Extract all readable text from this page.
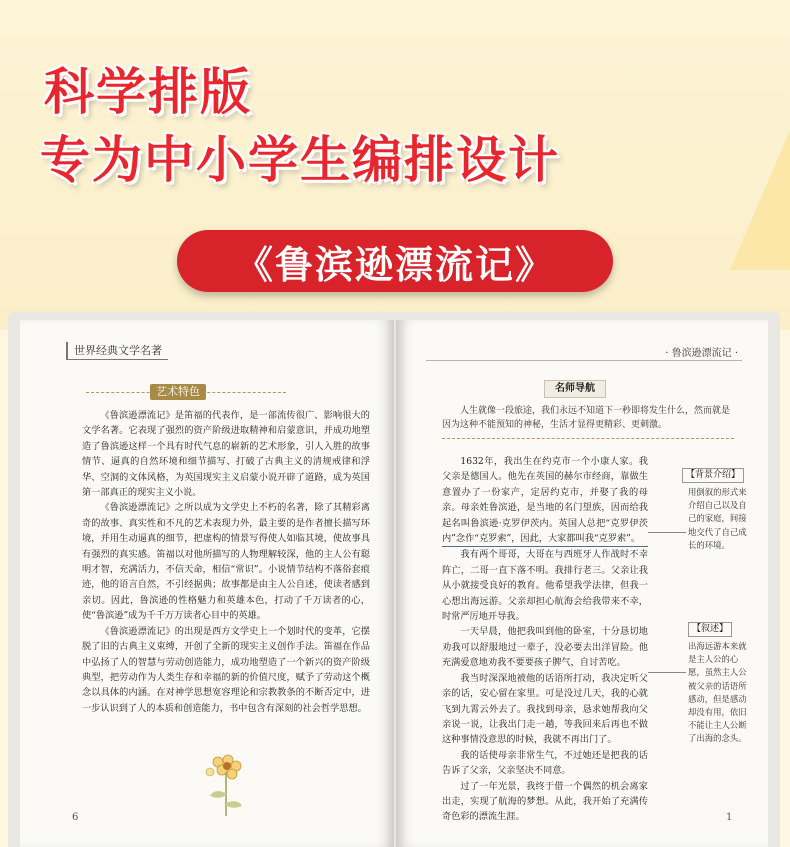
科学排版
专为中小学生编排设计
《鲁滨逊漂流记》
世界经典文学名著
艺术特色

《鲁滨逊漂流记》是笛福的代表作，是一部流传很广、影响很大的文学名著。它表现了强烈的资产阶级进取精神和启蒙意识，并成功地塑造了鲁滨逊这样一个具有时代气息的崭新的艺术形象，引人入胜的故事情节、逼真的自然环境和细节描写、打破了古典主义的清规戒律和浮华、空洞的文体风格，为英国现实主义启蒙小说开辟了道路，成为英国第一部真正的现实主义小说。

《鲁滨逊漂流记》之所以成为文学史上不朽的名著，除了其精彩离奇的故事、真实性和不凡的艺术表现力外，最主要的是作者擅长描写环境，并用生动逼真的细节，把虚构的情景写得使人如临其境，使故事具有强烈的真实感。笛福以对他所描写的人物理解较深，他的主人公有聪明才智，充满活力，不信天命，相信“常识”。小说情节结构不落俗套痕迹，他的语言自然，不引经据典；故事都是由主人公自述，使读者感到亲切。因此，鲁滨逊的性格魅力和英雄本色，打动了千万读者的心，使“鲁滨逊”成为千千万万读者心目中的英雄。

《鲁滨逊漂流记》的出现是西方文学史上一个划时代的变革，它摆脱了旧的古典主义束缚，开创了全新的现实主义创作手法。笛福在作品中弘扬了人的智慧与劳动创造能力，成功地塑造了一个新兴的资产阶级典型，把劳动作为人类生存和幸福的新的价值尺度，赋予了劳动这个概念以具体的内涵。在对神学思想宽容理论和宗教教条的不断否定中，进一步认识到了人的本质和创造能力，书中包含有深刻的社会哲学思想。

6
· 鲁滨逊漂流记 ·
名师导航
人生就像一段旅途，我们永远不知道下一秒即将发生什么，然而就是因为这种不能预知的神秘，生活才显得更精彩、更刺激。

1632年，我出生在约克市一个小康人家。我父亲是德国人。他先在英国的赫尔市经商，靠做生意置办了一份家产，定居约克市，并娶了我的母亲。母亲姓鲁滨逊，是当地的名门望族，因而给我起名叫鲁滨逊·克罗伊茨内。英国人总把“克罗伊茨内”念作“克罗索”，因此，大家都叫我“克罗索”。

我有两个哥哥，大哥在与西班牙人作战时不幸阵亡，二哥一直下落不明。我排行老三。父亲让我从小就接受良好的教育。他希望我学法律，但我一心想出海远游。父亲却担心航海会给我带来不幸，时常严厉地开导我。

一天早晨，他把我叫到他的卧室，十分恳切地劝我可以舒服地过一辈子，没必要去出洋冒险。他充满爱意地劝我不要要孩子脾气，自讨苦吃。

我当时深深地被他的话语所打动，我决定听父亲的话，安心留在家里。可是没过几天，我的心就飞到九霄云外去了。我找到母亲，恳求她帮我向父亲说一说，让我出门走一趟，等我回来后再也不做这种事情没意思的时候，我就不再出门了。

我的话使母亲非常生气，不过她还是把我的话告诉了父亲，父亲坚决不同意。

过了一年光景，我终于借一个偶然的机会离家出走，实现了航海的梦想。从此，我开始了充满传奇色彩的漂流生涯。

【背景介绍】
用倒叙的形式来介绍自己以及自己的家庭，间接地交代了自己成长的环境。
【叙述】
出海远游本来就是主人公的心愿，虽然主人公被父亲的话语所感动，但是感动却没有用，依旧不能让主人公断了出海的念头。
1
